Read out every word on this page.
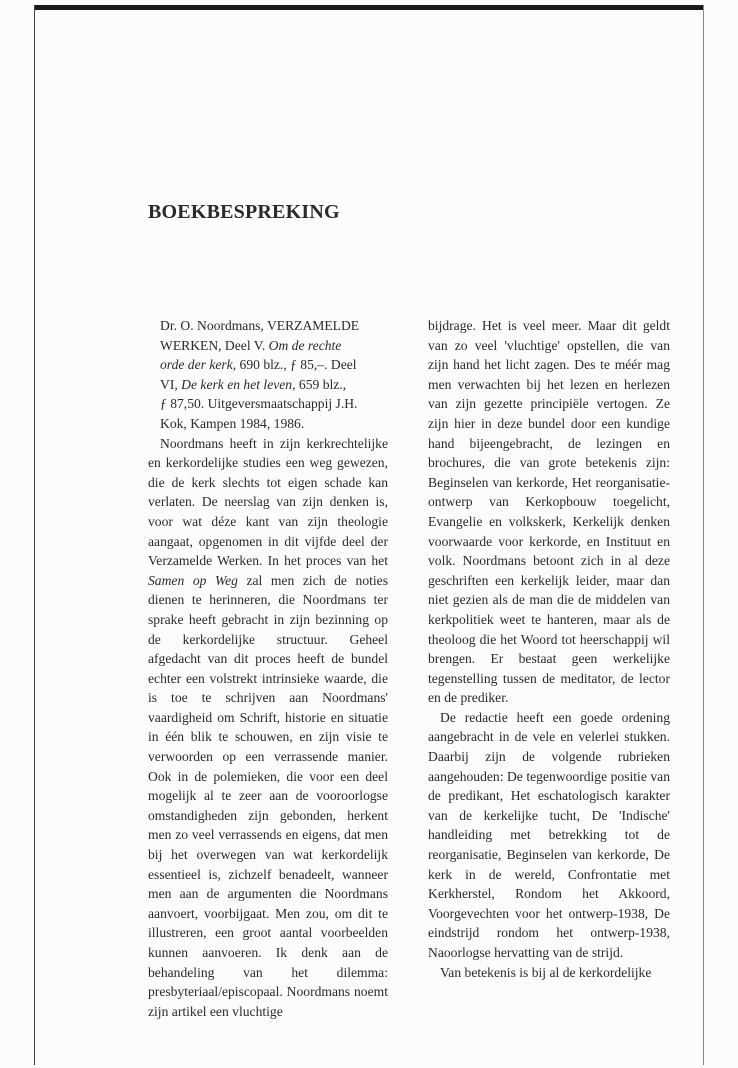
BOEKBESPREKING

Dr. O. Noordmans, VERZAMELDE

WERKEN, Deel V. Om de rechte

orde der kerk, 690 blz., ƒ 85,–. Deel

VI, De kerk en het leven, 659 blz.,

ƒ 87,50. Uitgeversmaatschappij J.H.

Kok, Kampen 1984, 1986.

Noordmans heeft in zijn kerkrechtelijke en kerkordelijke studies een weg gewezen, die de kerk slechts tot eigen schade kan verlaten. De neerslag van zijn denken is, voor wat déze kant van zijn theologie aangaat, opgenomen in dit vijfde deel der Verzamelde Werken. In het proces van het Samen op Weg zal men zich de noties dienen te herinneren, die Noordmans ter sprake heeft gebracht in zijn bezinning op de kerkordelijke structuur. Geheel afgedacht van dit proces heeft de bundel echter een volstrekt intrinsieke waarde, die is toe te schrijven aan Noordmans' vaardigheid om Schrift, historie en situatie in één blik te schouwen, en zijn visie te verwoorden op een verrassende manier. Ook in de polemieken, die voor een deel mogelijk al te zeer aan de vooroorlogse omstandigheden zijn gebonden, herkent men zo veel verrassends en eigens, dat men bij het overwegen van wat kerkordelijk essentieel is, zichzelf benadeelt, wanneer men aan de argumenten die Noordmans aanvoert, voorbijgaat. Men zou, om dit te illustreren, een groot aantal voorbeelden kunnen aanvoeren. Ik denk aan de behandeling van het dilemma: presbyteriaal/episcopaal. Noordmans noemt zijn artikel een vluchtige

bijdrage. Het is veel meer. Maar dit geldt van zo veel 'vluchtige' opstellen, die van zijn hand het licht zagen. Des te méér mag men verwachten bij het lezen en herlezen van zijn gezette principiële vertogen. Ze zijn hier in deze bundel door een kundige hand bijeengebracht, de lezingen en brochures, die van grote betekenis zijn: Beginselen van kerkorde, Het reorganisatie-ontwerp van Kerkopbouw toegelicht, Evangelie en volkskerk, Kerkelijk denken voorwaarde voor kerkorde, en Instituut en volk. Noordmans betoont zich in al deze geschriften een kerkelijk leider, maar dan niet gezien als de man die de middelen van kerkpolitiek weet te hanteren, maar als de theoloog die het Woord tot heerschappij wil brengen. Er bestaat geen werkelijke tegenstelling tussen de meditator, de lector en de prediker.

De redactie heeft een goede ordening aangebracht in de vele en velerlei stukken. Daarbij zijn de volgende rubrieken aangehouden: De tegenwoordige positie van de predikant, Het eschatologisch karakter van de kerkelijke tucht, De 'Indische' handleiding met betrekking tot de reorganisatie, Beginselen van kerkorde, De kerk in de wereld, Confrontatie met Kerkherstel, Rondom het Akkoord, Voorgevechten voor het ontwerp-1938, De eindstrijd rondom het ontwerp-1938, Naoorlogse hervatting van de strijd.

Van betekenis is bij al de kerkordelijke
